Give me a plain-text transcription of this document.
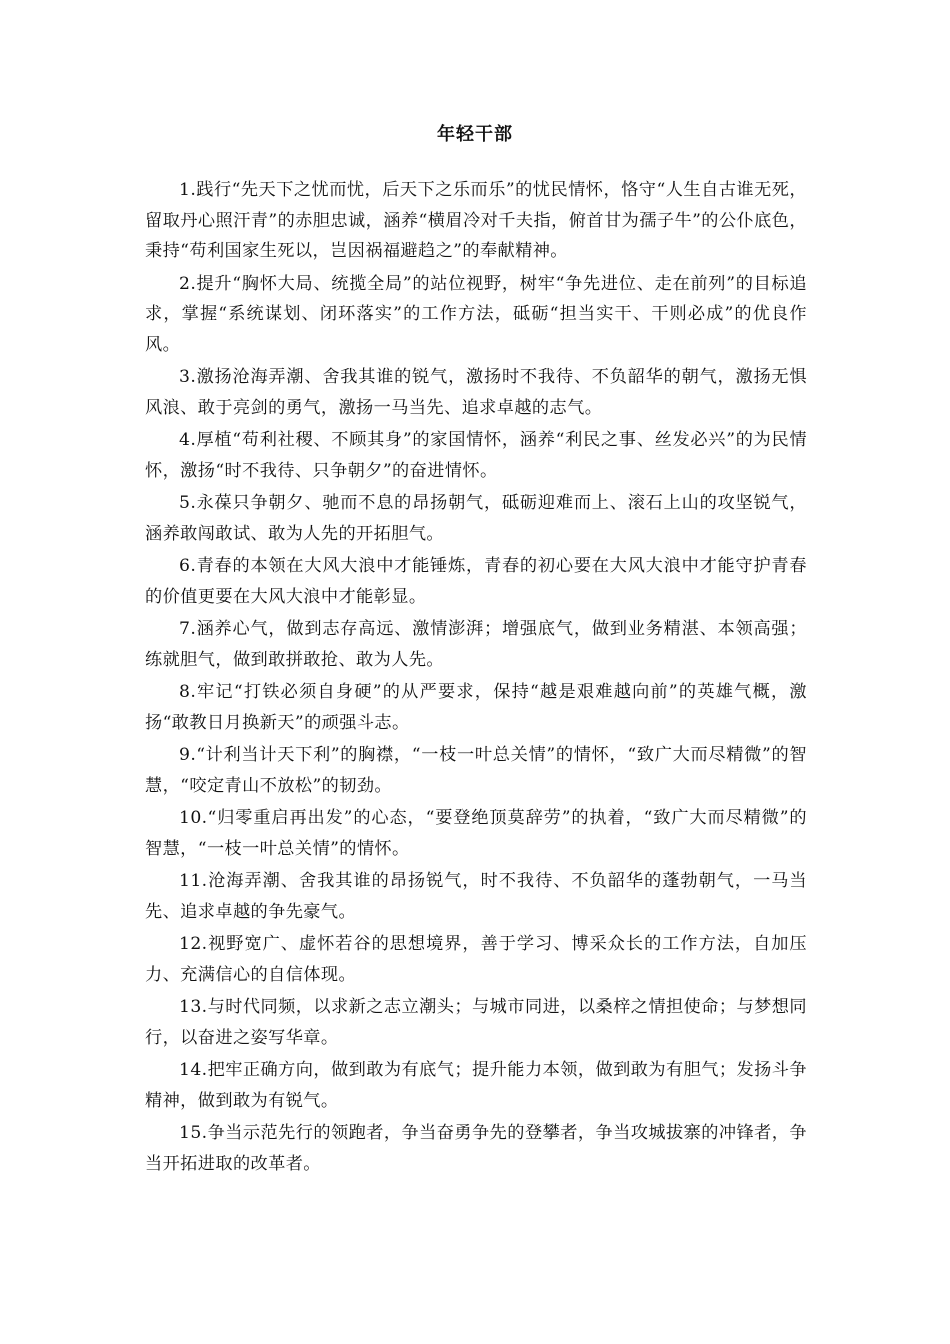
年轻干部

1.践行“先天下之忧而忧，后天下之乐而乐”的忧民情怀，恪守“人生自古谁无死，留取丹心照汗青”的赤胆忠诚，涵养“横眉冷对千夫指，俯首甘为孺子牛”的公仆底色，秉持“苟利国家生死以，岂因祸福避趋之”的奉献精神。

2.提升“胸怀大局、统揽全局”的站位视野，树牢“争先进位、走在前列”的目标追求，掌握“系统谋划、闭环落实”的工作方法，砥砺“担当实干、干则必成”的优良作风。

3.激扬沧海弄潮、舍我其谁的锐气，激扬时不我待、不负韶华的朝气，激扬无惧风浪、敢于亮剑的勇气，激扬一马当先、追求卓越的志气。

4.厚植“苟利社稷、不顾其身”的家国情怀，涵养“利民之事、丝发必兴”的为民情怀，激扬“时不我待、只争朝夕”的奋进情怀。

5.永葆只争朝夕、驰而不息的昂扬朝气，砥砺迎难而上、滚石上山的攻坚锐气，涵养敢闯敢试、敢为人先的开拓胆气。

6.青春的本领在大风大浪中才能锤炼，青春的初心要在大风大浪中才能守护青春的价值更要在大风大浪中才能彰显。

7.涵养心气，做到志存高远、激情澎湃；增强底气，做到业务精湛、本领高强；练就胆气，做到敢拼敢抢、敢为人先。

8.牢记“打铁必须自身硬”的从严要求，保持“越是艰难越向前”的英雄气概，激扬“敢教日月换新天”的顽强斗志。

9.“计利当计天下利”的胸襟，“一枝一叶总关情”的情怀，“致广大而尽精微”的智慧，“咬定青山不放松”的韧劲。

10.“归零重启再出发”的心态，“要登绝顶莫辞劳”的执着，“致广大而尽精微”的智慧，“一枝一叶总关情”的情怀。

11.沧海弄潮、舍我其谁的昂扬锐气，时不我待、不负韶华的蓬勃朝气，一马当先、追求卓越的争先豪气。

12.视野宽广、虚怀若谷的思想境界，善于学习、博采众长的工作方法，自加压力、充满信心的自信体现。

13.与时代同频，以求新之志立潮头；与城市同进，以桑梓之情担使命；与梦想同行，以奋进之姿写华章。

14.把牢正确方向，做到敢为有底气；提升能力本领，做到敢为有胆气；发扬斗争精神，做到敢为有锐气。

15.争当示范先行的领跑者，争当奋勇争先的登攀者，争当攻城拔寨的冲锋者，争当开拓进取的改革者。
